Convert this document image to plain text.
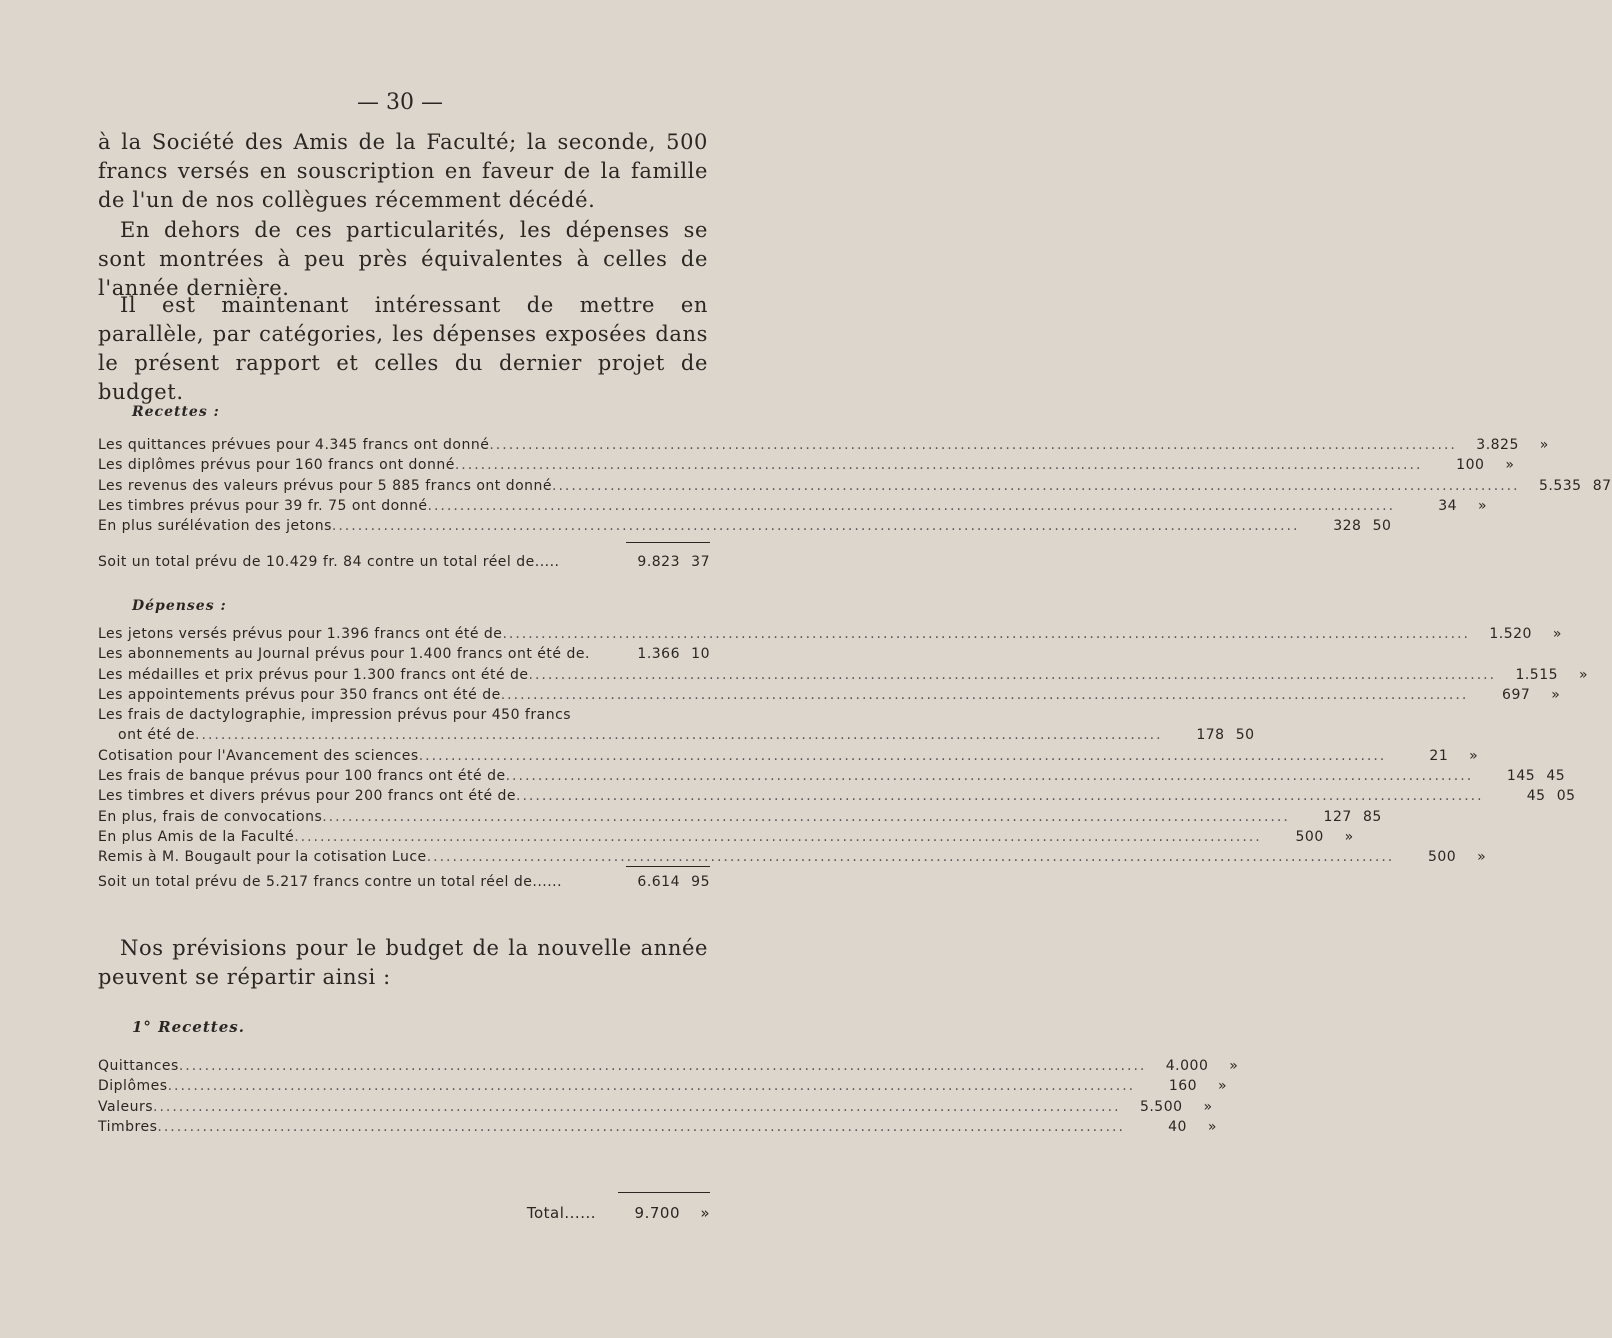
— 30 —

à la Société des Amis de la Faculté; la seconde, 500 francs versés en souscription en faveur de la famille de l'un de nos collègues récemment décédé.

En dehors de ces particularités, les dépenses se sont montrées à peu près équivalentes à celles de l'année dernière.

Il est maintenant intéressant de mettre en parallèle, par catégories, les dépenses exposées dans le présent rapport et celles du dernier projet de budget.

Recettes :
Les quittances prévues pour 4.345 francs ont donné .....	3.825	»
Les diplômes prévus pour 160 francs ont donné .....	100	»
Les revenus des valeurs prévus pour 5 885 francs ont donné .....	5.535 87
Les timbres prévus pour 39 fr. 75 ont donné .....	34	»
En plus surélévation des jetons .....	328 50
Soit un total prévu de 10.429 fr. 84 contre un total réel de.....	9.823 37
Dépenses :
Les jetons versés prévus pour 1.396 francs ont été de .....	1.520	»
Les abonnements au Journal prévus pour 1.400 francs ont été de.	1.366 10
Les médailles et prix prévus pour 1.300 francs ont été de .....	1.515	»
Les appointements prévus pour 350 francs ont été de .....	697	»
Les frais de dactylographie, impression prévus pour 450 francs
ont été de .....	178 50
Cotisation pour l'Avancement des sciences .....	21	»
Les frais de banque prévus pour 100 francs ont été de .....	145 45
Les timbres et divers prévus pour 200 francs ont été de .....	45 05
En plus, frais de convocations .....	127 85
En plus Amis de la Faculté .....	500	»
Remis à M. Bougault pour la cotisation Luce .....	500	»
Soit un total prévu de 5.217 francs contre un total réel de......	6.614 95

Nos prévisions pour le budget de la nouvelle année peuvent se répartir ainsi :

1° Recettes.
Quittances .....	4.000	»
Diplômes .....	160	»
Valeurs .....	5.500	»
Timbres .....	40	»
Total......	9.700	»
